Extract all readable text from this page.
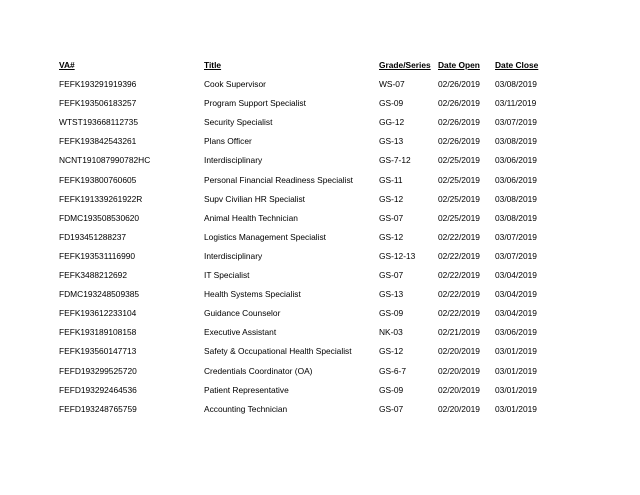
VA#	Title	Grade/Series	Date Open	Date Close
FEFK193291919396	Cook Supervisor	WS-07	02/26/2019	03/08/2019
FEFK193506183257	Program Support Specialist	GS-09	02/26/2019	03/11/2019
WTST193668112735	Security Specialist	GG-12	02/26/2019	03/07/2019
FEFK193842543261	Plans Officer	GS-13	02/26/2019	03/08/2019
NCNT191087990782HC	Interdisciplinary	GS-7-12	02/25/2019	03/06/2019
FEFK193800760605	Personal Financial Readiness Specialist	GS-11	02/25/2019	03/06/2019
FEFK191339261922R	Supv Civilian HR Specialist	GS-12	02/25/2019	03/08/2019
FDMC193508530620	Animal Health Technician	GS-07	02/25/2019	03/08/2019
FD193451288237	Logistics Management Specialist	GS-12	02/22/2019	03/07/2019
FEFK193531116990	Interdisciplinary	GS-12-13	02/22/2019	03/07/2019
FEFK3488212692	IT Specialist	GS-07	02/22/2019	03/04/2019
FDMC193248509385	Health Systems Specialist	GS-13	02/22/2019	03/04/2019
FEFK193612233104	Guidance Counselor	GS-09	02/22/2019	03/04/2019
FEFK193189108158	Executive Assistant	NK-03	02/21/2019	03/06/2019
FEFK193560147713	Safety & Occupational Health Specialist	GS-12	02/20/2019	03/01/2019
FEFD193299525720	Credentials Coordinator (OA)	GS-6-7	02/20/2019	03/01/2019
FEFD193292464536	Patient Representative	GS-09	02/20/2019	03/01/2019
FEFD193248765759	Accounting Technician	GS-07	02/20/2019	03/01/2019
